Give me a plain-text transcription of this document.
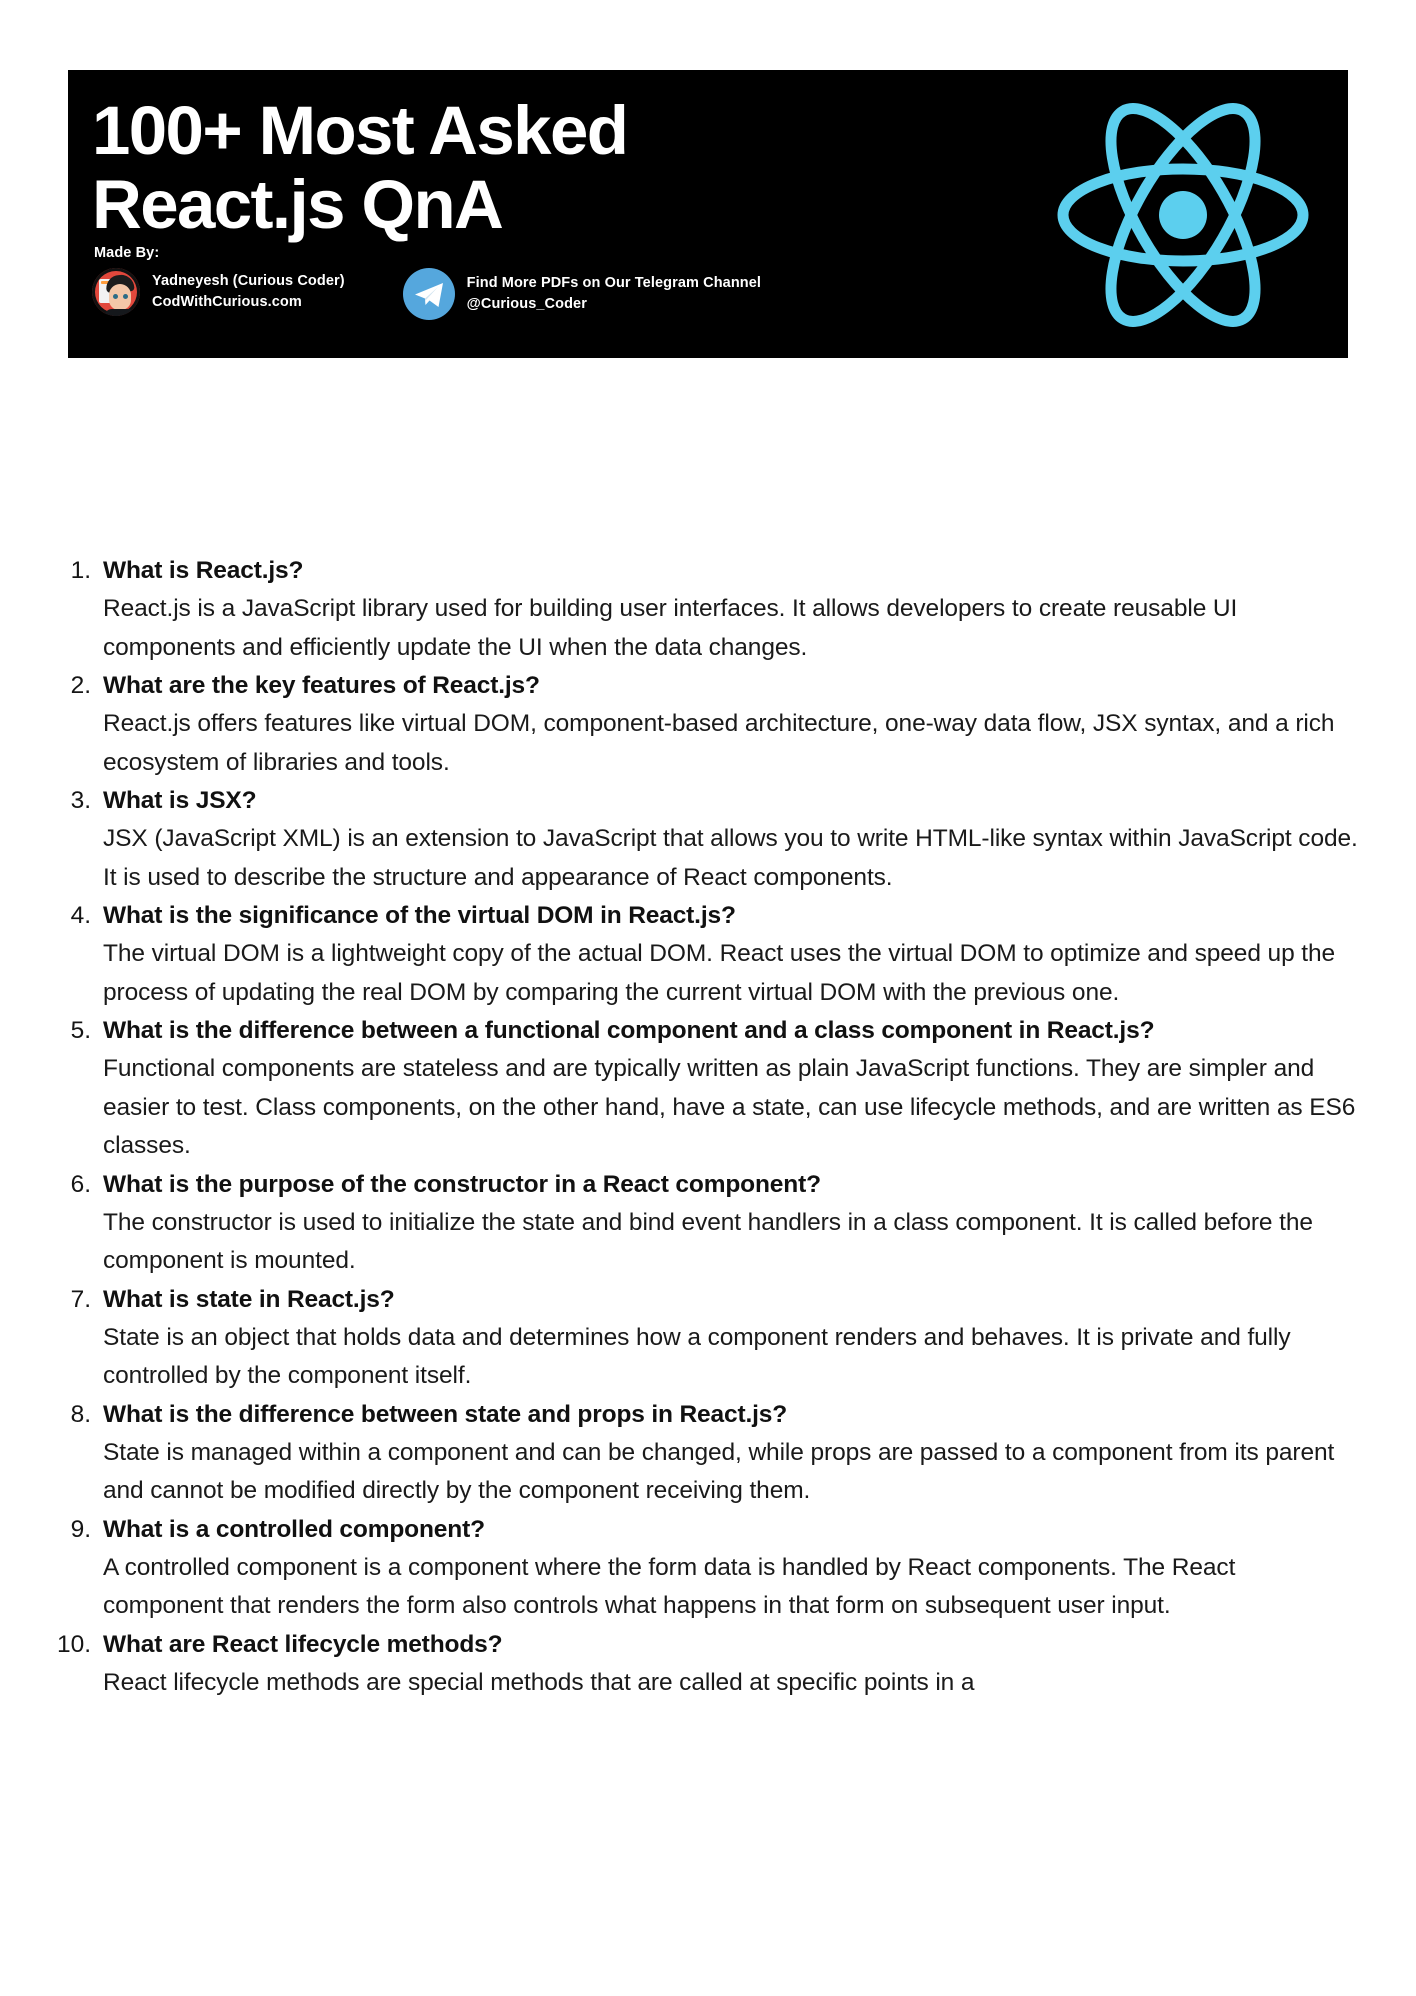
100+ Most Asked
React.js QnA
Made By:
Yadneyesh (Curious Coder)
CodWithCurious.com
Find More PDFs on Our Telegram Channel
@Curious_Coder
1. What is React.js?
React.js is a JavaScript library used for building user interfaces. It allows developers to create reusable UI components and efficiently update the UI when the data changes.
2. What are the key features of React.js?
React.js offers features like virtual DOM, component-based architecture, one-way data flow, JSX syntax, and a rich ecosystem of libraries and tools.
3. What is JSX?
JSX (JavaScript XML) is an extension to JavaScript that allows you to write HTML-like syntax within JavaScript code. It is used to describe the structure and appearance of React components.
4. What is the significance of the virtual DOM in React.js?
The virtual DOM is a lightweight copy of the actual DOM. React uses the virtual DOM to optimize and speed up the process of updating the real DOM by comparing the current virtual DOM with the previous one.
5. What is the difference between a functional component and a class component in React.js?
Functional components are stateless and are typically written as plain JavaScript functions. They are simpler and easier to test. Class components, on the other hand, have a state, can use lifecycle methods, and are written as ES6 classes.
6. What is the purpose of the constructor in a React component?
The constructor is used to initialize the state and bind event handlers in a class component. It is called before the component is mounted.
7. What is state in React.js?
State is an object that holds data and determines how a component renders and behaves. It is private and fully controlled by the component itself.
8. What is the difference between state and props in React.js?
State is managed within a component and can be changed, while props are passed to a component from its parent and cannot be modified directly by the component receiving them.
9. What is a controlled component?
A controlled component is a component where the form data is handled by React components. The React component that renders the form also controls what happens in that form on subsequent user input.
10. What are React lifecycle methods?
React lifecycle methods are special methods that are called at specific points in a
